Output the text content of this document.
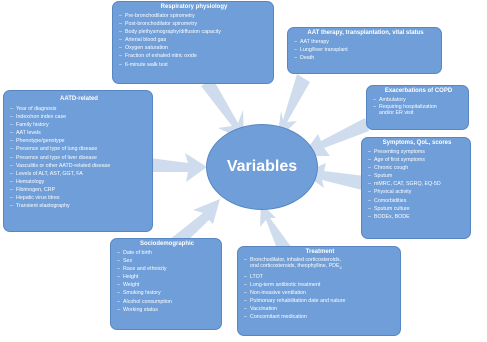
Variables
Respiratory physiology
– Pre-bronchodilator spirometry
– Post-bronchodilator spirometry
– Body plethysmography/diffusion capacity
– Arterial blood gas
– Oxygen saturation
– Fraction of exhaled nitric oxide
– 6-minute walk test
AAT therapy, transplantation, vital status
– AAT therapy
– Lung/liver transplant
– Death
Exacerbations of COPD
– Ambulatory
– Requiring hospitalization
and/or ER visit
Symptoms, QoL, scores
– Presenting symptoms
– Age of first symptoms
– Chronic cough
– Sputum
– mMRC, CAT, SGRQ, EQ-5D
– Physical activity
– Comorbidities
– Sputum culture
– BODEx, BODE
Treatment
– Bronchodilator, inhaled corticosteroids,
oral corticosteroids, theophylline, $PDE_4$
– LTOT
– Long-term antibiotic treatment
– Non-invasive ventilation
– Pulmonary rehabilitation date and nature
– Vaccination
– Concomitant medication
Sociodemographic
– Date of birth
– Sex
– Race and ethnicity
– Height
– Weight
– Smoking history
– Alcohol consumption
– Working status
AATD-related
– Year of diagnosis
– Index/non index case
– Family history
– AAT levels
– Phenotype/genotype
– Presence and type of lung disease
– Presence and type of liver disease
– Vasculitis or other AATD-related disease
– Levels of ALT, AST, GGT, FA
– Hematology
– Fibrinogen, CRP
– Hepatic virus titres
– Transient elastography
